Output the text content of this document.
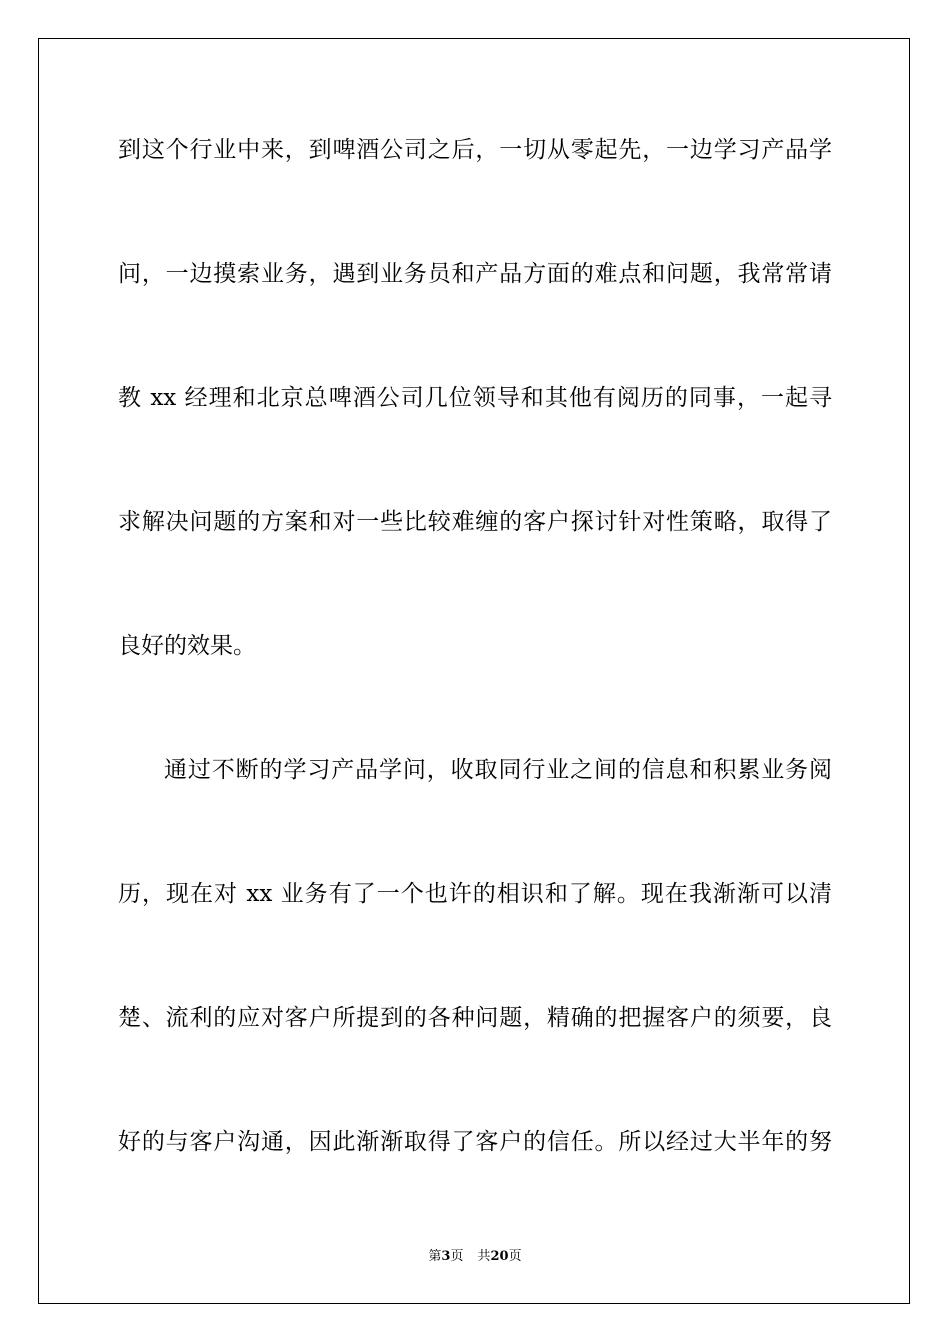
到这个行业中来，到啤酒公司之后，一切从零起先，一边学习产品学
问，一边摸索业务，遇到业务员和产品方面的难点和问题，我常常请
教 xx 经理和北京总啤酒公司几位领导和其他有阅历的同事，一起寻
求解决问题的方案和对一些比较难缠的客户探讨针对性策略，取得了
良好的效果。
通过不断的学习产品学问，收取同行业之间的信息和积累业务阅
历，现在对 xx 业务有了一个也许的相识和了解。现在我渐渐可以清
楚、流利的应对客户所提到的各种问题，精确的把握客户的须要，良
好的与客户沟通，因此渐渐取得了客户的信任。所以经过大半年的努
第3页 共20页
